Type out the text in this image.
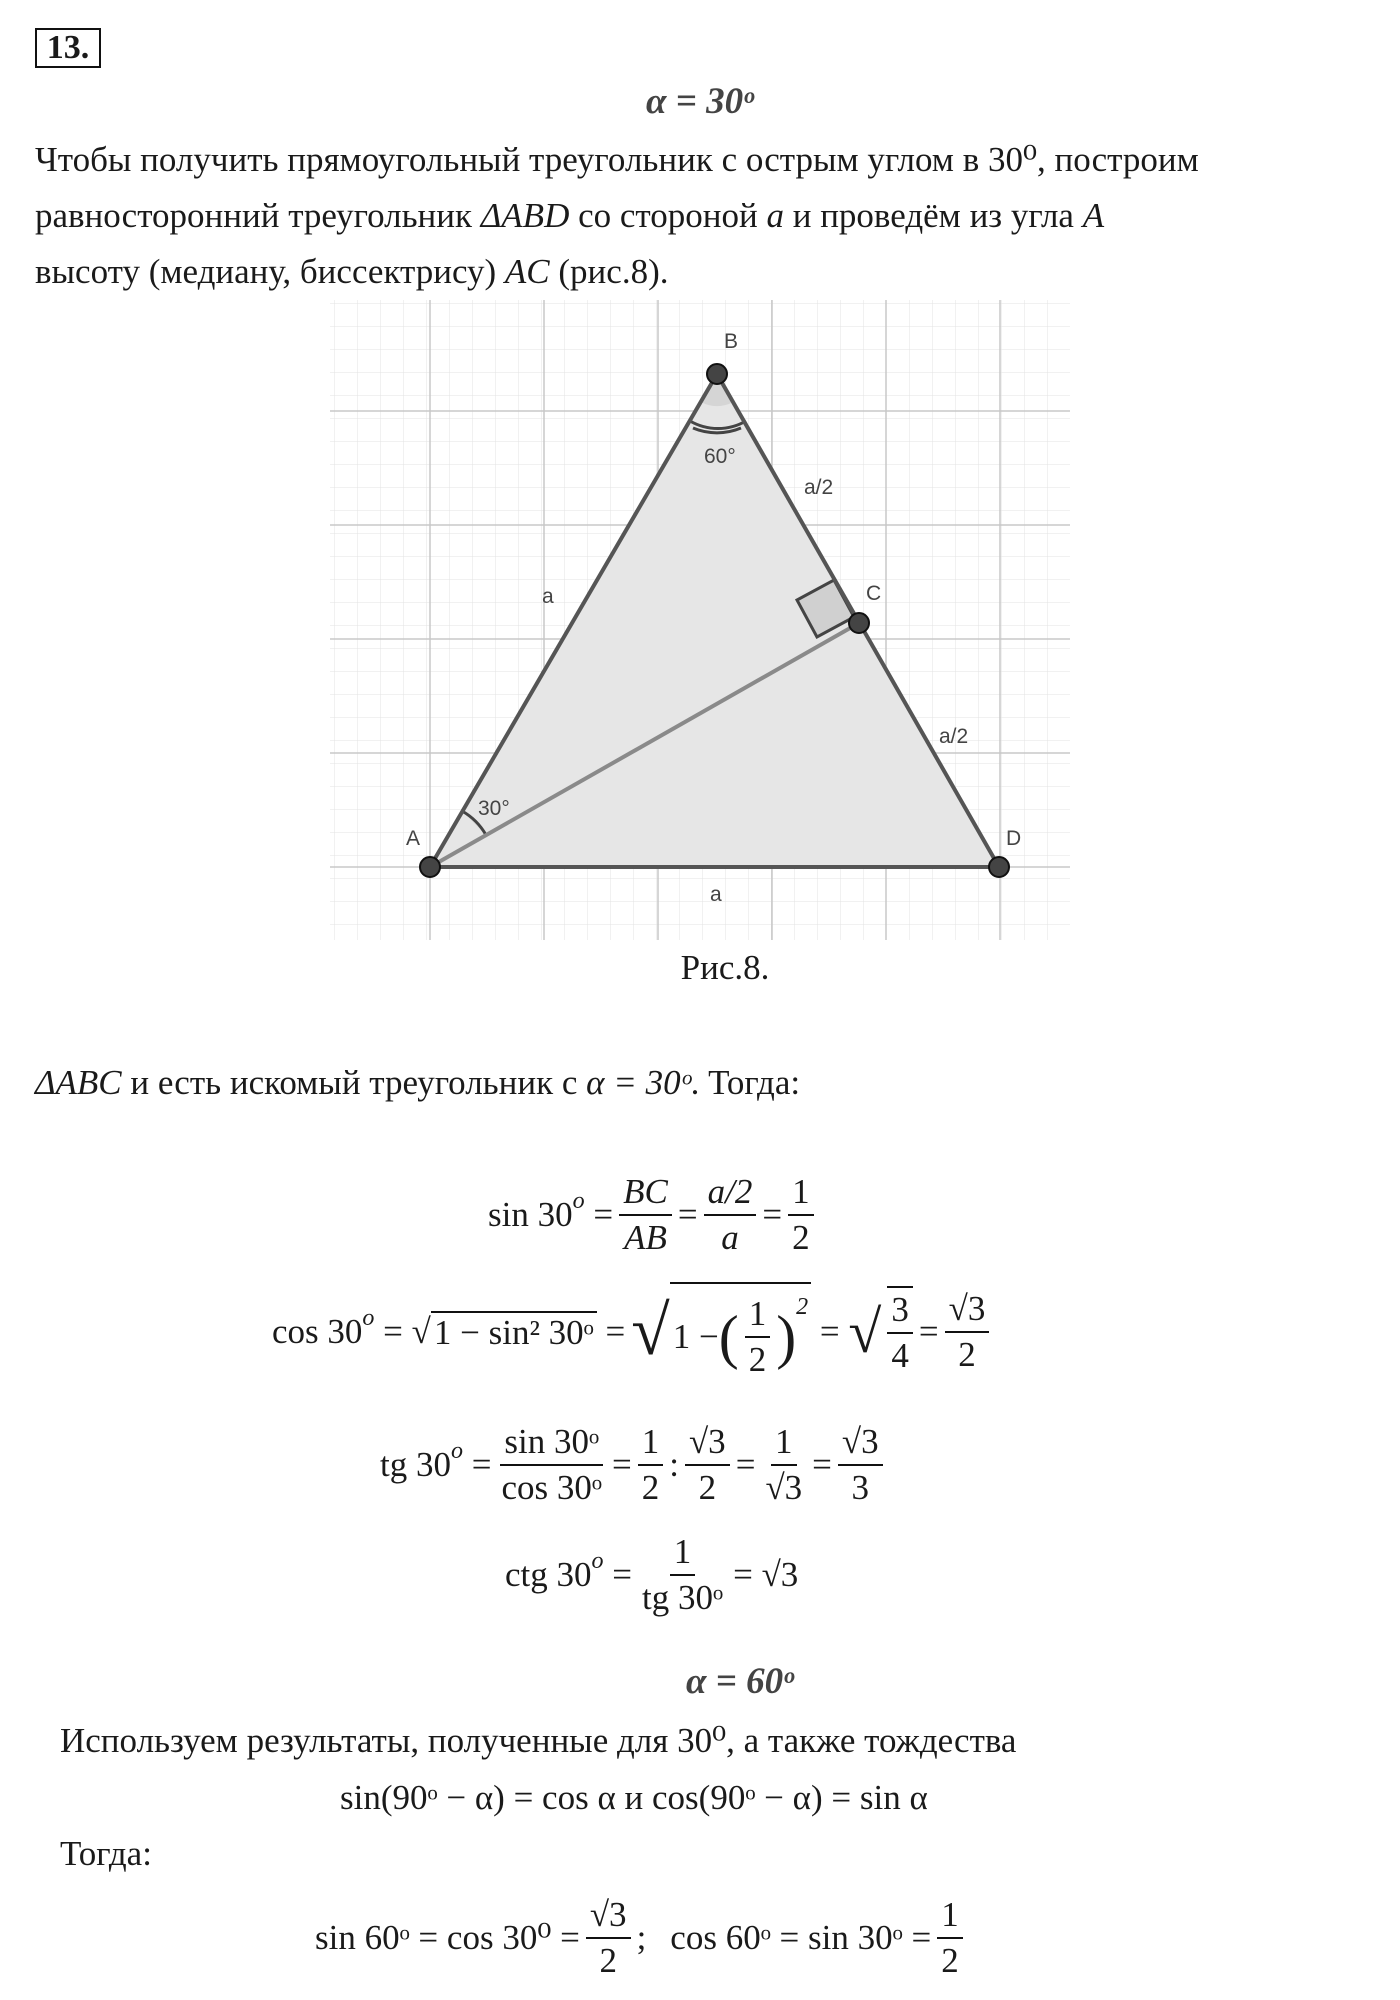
13.
α = 30ᵒ
Чтобы получить прямоугольный треугольник с острым углом в 30⁰, построим
равносторонний треугольник ΔABD со стороной a и проведём из угла A
высоту (медиану, биссектрису) AC (рис.8).
B
C
A	D
60°
30°
a
a/2
a/2
a
Рис.8.
ΔABC и есть искомый треугольник с α = 30ᵒ. Тогда:
sin 30 $o = \frac{BC}{AB} = \frac{a/2}{a} = \frac{1}{2}$
cos 30 o = √ 1 − sin² 30ᵒ = √ 1 − ( $\frac{1}{2}$ ) 2
= √ $\frac{3}{4} = \frac{√3}{2}$
tg 30 $o = \frac{\text{sin 30ᵒ}}{\text{cos 30ᵒ}} = \frac{1}{2}$ : $\frac{√3}{2} = \frac{1}{√3} = \frac{√3}{3}$
ctg 30 $o = \frac{1}{\text{tg 30ᵒ}} = √3$
α = 60ᵒ
Используем результаты, полученные для 30⁰, а также тождества
sin(90ᵒ − α) = cos α и cos(90ᵒ − α) = sin α
Тогда:
sin 60ᵒ = $\cos 30^0 = \frac{√3}{2}$ ; cos 60ᵒ = sin 30ᵒ = $\frac{1}{2}$
